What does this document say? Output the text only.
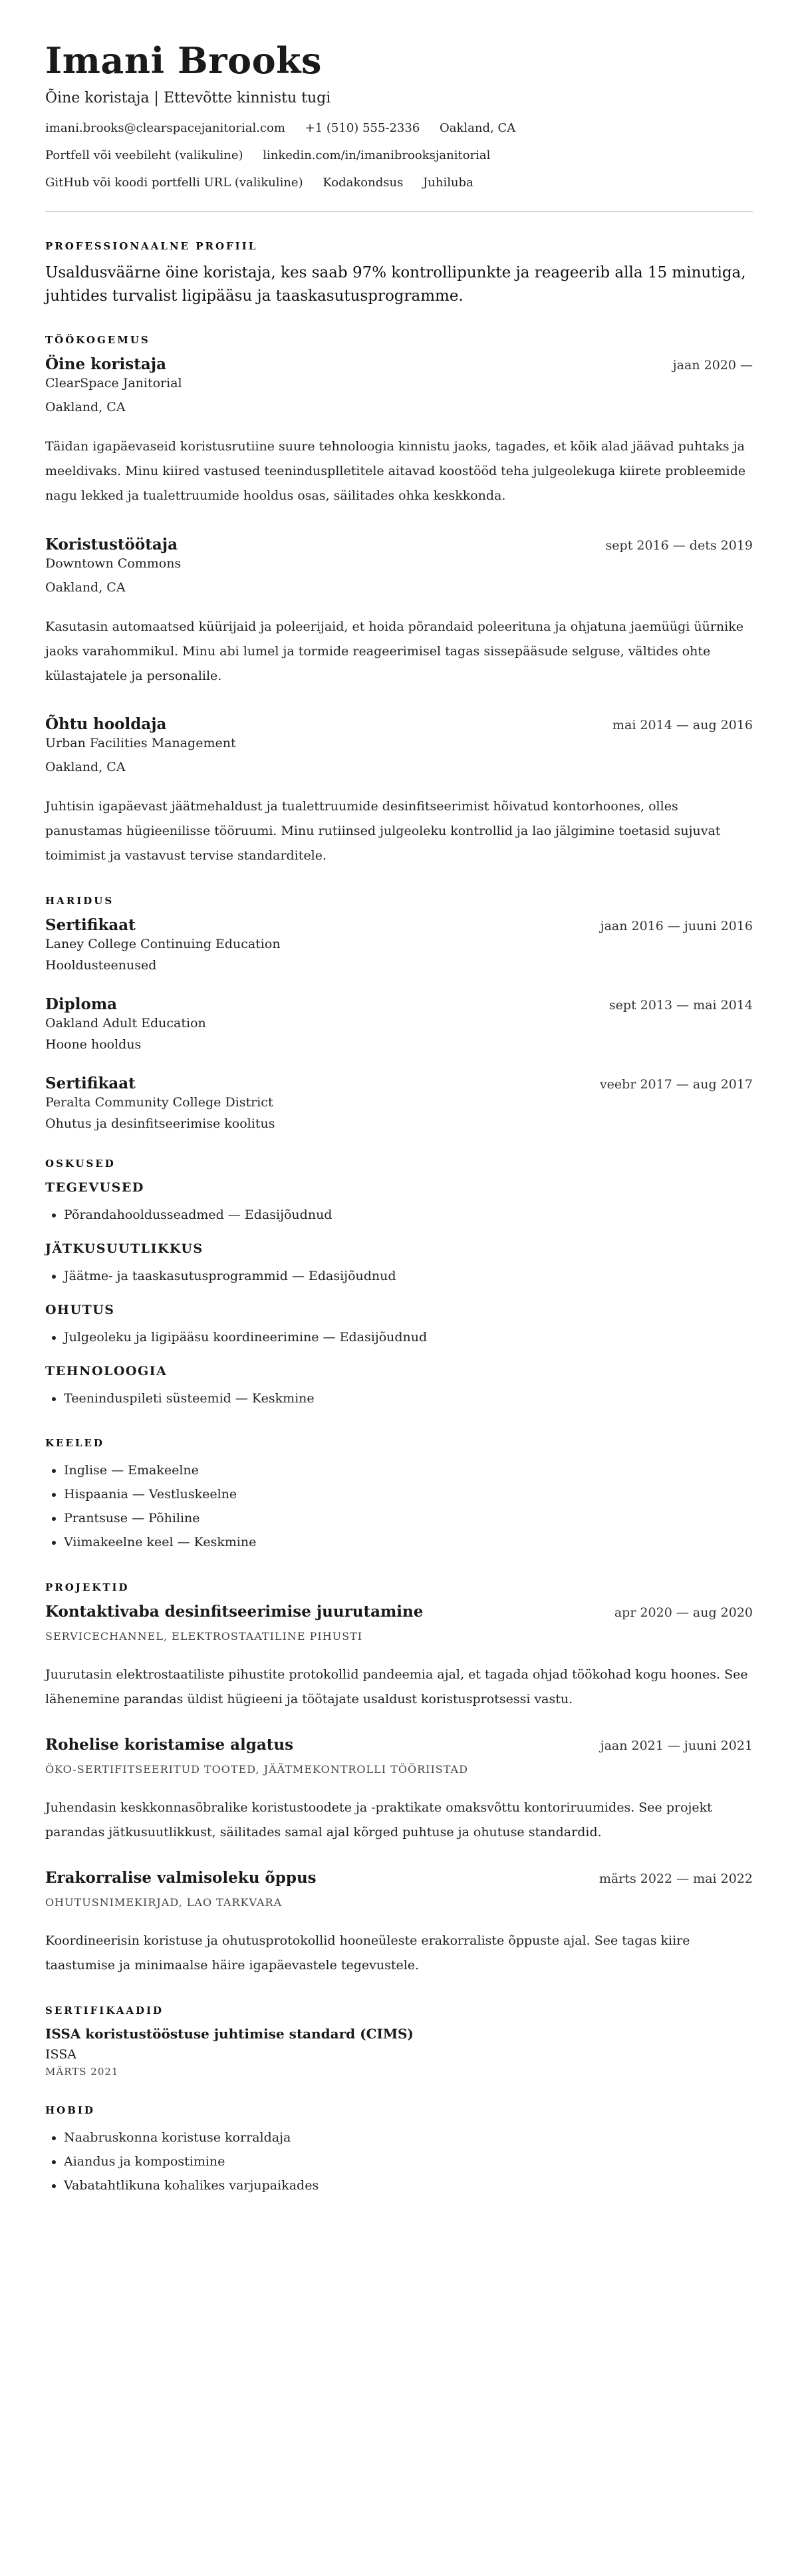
Imani Brooks
Õine koristaja | Ettevõtte kinnistu tugi
imani.brooks@clearspacejanitorial.com +1 (510) 555-2336 Oakland, CA
Portfell või veebileht (valikuline) linkedin.com/in/imanibrooksjanitorial
GitHub või koodi portfelli URL (valikuline) Kodakondsus Juhiluba
PROFESSIONAALNE PROFIIL
Usaldusväärne öine koristaja, kes saab 97% kontrollipunkte ja reageerib alla 15 minutiga, juhtides turvalist ligipääsu ja taaskasutusprogramme.
TÖÖKOGEMUS
Öine koristaja	jaan 2020 —
ClearSpace Janitorial
Oakland, CA
Täidan igapäevaseid koristusrutiine suure tehnoloogia kinnistu jaoks, tagades, et kõik alad jäävad puhtaks ja meeldivaks. Minu kiired vastused teenindusplletitele aitavad koostööd teha julgeolekuga kiirete probleemide nagu lekked ja tualettruumide hooldus osas, säilitades ohka keskkonda.
Koristustöötaja	sept 2016 — dets 2019
Downtown Commons
Oakland, CA
Kasutasin automaatsed küürijaid ja poleerijaid, et hoida põrandaid poleerituna ja ohjatuna jaemüügi üürnike jaoks varahommikul. Minu abi lumel ja tormide reageerimisel tagas sissepääsude selguse, vältides ohte külastajatele ja personalile.
Õhtu hooldaja	mai 2014 — aug 2016
Urban Facilities Management
Oakland, CA
Juhtisin igapäevast jäätmehaldust ja tualettruumide desinfitseerimist hõivatud kontorhoones, olles panustamas hügieenilisse tööruumi. Minu rutiinsed julgeoleku kontrollid ja lao jälgimine toetasid sujuvat toimimist ja vastavust tervise standarditele.
HARIDUS
Sertifikaat	jaan 2016 — juuni 2016
Laney College Continuing Education
Hooldusteenused
Diploma	sept 2013 — mai 2014
Oakland Adult Education
Hoone hooldus
Sertifikaat	veebr 2017 — aug 2017
Peralta Community College District
Ohutus ja desinfitseerimise koolitus
OSKUSED
TEGEVUSED
• Põrandahooldusseadmed — Edasijõudnud
JÄTKUSUUTLIKKUS
• Jäätme- ja taaskasutusprogrammid — Edasijõudnud
OHUTUS
• Julgeoleku ja ligipääsu koordineerimine — Edasijõudnud
TEHNOLOOGIA
• Teeninduspileti süsteemid — Keskmine
KEELED
• Inglise — Emakeelne
• Hispaania — Vestluskeelne
• Prantsuse — Põhiline
• Viimakeelne keel — Keskmine
PROJEKTID
Kontaktivaba desinfitseerimise juurutamine	apr 2020 — aug 2020
SERVICECHANNEL, ELEKTROSTAATILINE PIHUSTI
Juurutasin elektrostaatiliste pihustite protokollid pandeemia ajal, et tagada ohjad töökohad kogu hoones. See lähenemine parandas üldist hügieeni ja töötajate usaldust koristusprotsessi vastu.
Rohelise koristamise algatus	jaan 2021 — juuni 2021
ÖKO-SERTIFITSEERITUD TOOTED, JÄÄTMEKONTROLLI TÖÖRIISTAD
Juhendasin keskkonnasõbralike koristustoodete ja -praktikate omaksvõttu kontoriruumides. See projekt parandas jätkusuutlikkust, säilitades samal ajal kõrged puhtuse ja ohutuse standardid.
Erakorralise valmisoleku õppus	märts 2022 — mai 2022
OHUTUSNIMEKIRJAD, LAO TARKVARA
Koordineerisin koristuse ja ohutusprotokollid hooneüleste erakorraliste õppuste ajal. See tagas kiire taastumise ja minimaalse häire igapäevastele tegevustele.
SERTIFIKAADID
ISSA koristustööstuse juhtimise standard (CIMS)
ISSA
MÄRTS 2021
HOBID
• Naabruskonna koristuse korraldaja
• Aiandus ja kompostimine
• Vabatahtlikuna kohalikes varjupaikades
